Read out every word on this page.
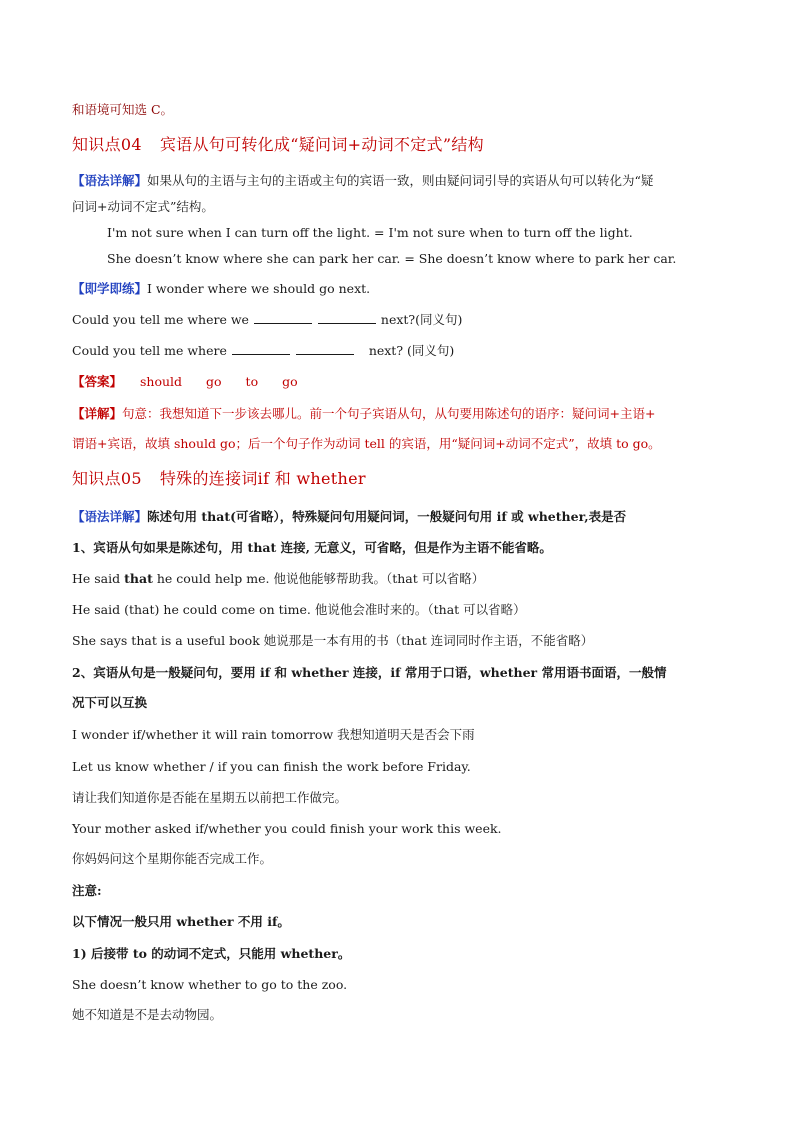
和语境可知选 C。
知识点04 宾语从句可转化成“疑问词+动词不定式”结构
【语法详解】如果从句的主语与主句的主语或主句的宾语一致，则由疑问词引导的宾语从句可以转化为“疑
问词+动词不定式”结构。
I'm not sure when I can turn off the light. = I'm not sure when to turn off the light.
She doesn’t know where she can park her car. = She doesn’t know where to park her car.
【即学即练】I wonder where we should go next.
Could you tell me where we	next?(同义句)
Could you tell me where	next? (同义句)
【答案】 should go to go
【详解】句意：我想知道下一步该去哪儿。前一个句子宾语从句，从句要用陈述句的语序：疑问词+主语+
谓语+宾语，故填 should go；后一个句子作为动词 tell 的宾语，用“疑问词+动词不定式”，故填 to go。
知识点05 特殊的连接词if 和 whether
【语法详解】陈述句用 that(可省略），特殊疑问句用疑问词，一般疑问句用 if 或 whether,表是否
1、宾语从句如果是陈述句，用 that 连接, 无意义，可省略，但是作为主语不能省略。
He said that he could help me. 他说他能够帮助我。（that 可以省略）
He said (that) he could come on time. 他说他会准时来的。（that 可以省略）
She says that is a useful book 她说那是一本有用的书（that 连词同时作主语，不能省略）
2、宾语从句是一般疑问句，要用 if 和 whether 连接，if 常用于口语，whether 常用语书面语，一般情
况下可以互换
I wonder if/whether it will rain tomorrow 我想知道明天是否会下雨
Let us know whether / if you can finish the work before Friday.
请让我们知道你是否能在星期五以前把工作做完。
Your mother asked if/whether you could finish your work this week.
你妈妈问这个星期你能否完成工作。
注意:
以下情况一般只用 whether 不用 if。
1) 后接带 to 的动词不定式，只能用 whether。
She doesn’t know whether to go to the zoo.
她不知道是不是去动物园。
